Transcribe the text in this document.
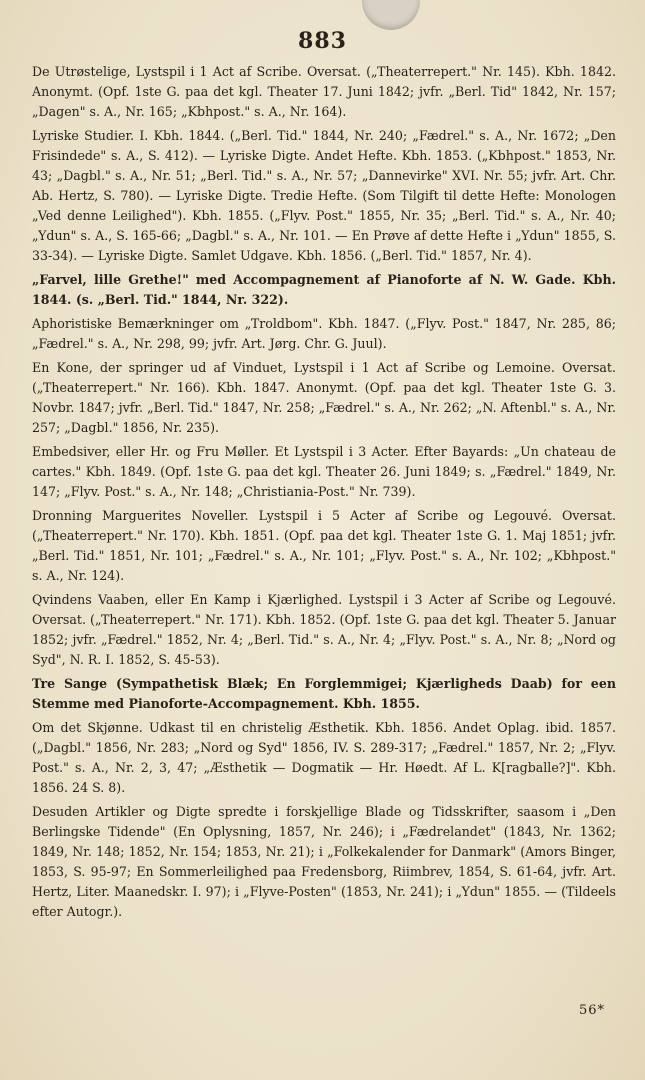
883

De Utrøstelige, Lystspil i 1 Act af Scribe. Oversat. („Theaterrepert." Nr. 145). Kbh. 1842. Anonymt. (Opf. 1ste G. paa det kgl. Theater 17. Juni 1842; jvfr. „Berl. Tid" 1842, Nr. 157; „Dagen" s. A., Nr. 165; „Kbhpost." s. A., Nr. 164).

Lyriske Studier. I. Kbh. 1844. („Berl. Tid." 1844, Nr. 240; „Fædrel." s. A., Nr. 1672; „Den Frisindede" s. A., S. 412). — Lyriske Digte. Andet Hefte. Kbh. 1853. („Kbhpost." 1853, Nr. 43; „Dagbl." s. A., Nr. 51; „Berl. Tid." s. A., Nr. 57; „Dannevirke" XVI. Nr. 55; jvfr. Art. Chr. Ab. Hertz, S. 780). — Lyriske Digte. Tredie Hefte. (Som Tilgift til dette Hefte: Monologen „Ved denne Leilighed"). Kbh. 1855. („Flyv. Post." 1855, Nr. 35; „Berl. Tid." s. A., Nr. 40; „Ydun" s. A., S. 165-66; „Dagbl." s. A., Nr. 101. — En Prøve af dette Hefte i „Ydun" 1855, S. 33-34). — Lyriske Digte. Samlet Udgave. Kbh. 1856. („Berl. Tid." 1857, Nr. 4).

„Farvel, lille Grethe!" med Accompagnement af Pianoforte af N. W. Gade. Kbh. 1844. (s. „Berl. Tid." 1844, Nr. 322).

Aphoristiske Bemærkninger om „Troldbom". Kbh. 1847. („Flyv. Post." 1847, Nr. 285, 86; „Fædrel." s. A., Nr. 298, 99; jvfr. Art. Jørg. Chr. G. Juul).

En Kone, der springer ud af Vinduet, Lystspil i 1 Act af Scribe og Lemoine. Oversat. („Theaterrepert." Nr. 166). Kbh. 1847. Anonymt. (Opf. paa det kgl. Theater 1ste G. 3. Novbr. 1847; jvfr. „Berl. Tid." 1847, Nr. 258; „Fædrel." s. A., Nr. 262; „N. Aftenbl." s. A., Nr. 257; „Dagbl." 1856, Nr. 235).

Embedsiver, eller Hr. og Fru Møller. Et Lystspil i 3 Acter. Efter Bayards: „Un chateau de cartes." Kbh. 1849. (Opf. 1ste G. paa det kgl. Theater 26. Juni 1849; s. „Fædrel." 1849, Nr. 147; „Flyv. Post." s. A., Nr. 148; „Christiania-Post." Nr. 739).

Dronning Marguerites Noveller. Lystspil i 5 Acter af Scribe og Legouvé. Oversat. („Theaterrepert." Nr. 170). Kbh. 1851. (Opf. paa det kgl. Theater 1ste G. 1. Maj 1851; jvfr. „Berl. Tid." 1851, Nr. 101; „Fædrel." s. A., Nr. 101; „Flyv. Post." s. A., Nr. 102; „Kbhpost." s. A., Nr. 124).

Qvindens Vaaben, eller En Kamp i Kjærlighed. Lystspil i 3 Acter af Scribe og Legouvé. Oversat. („Theaterrepert." Nr. 171). Kbh. 1852. (Opf. 1ste G. paa det kgl. Theater 5. Januar 1852; jvfr. „Fædrel." 1852, Nr. 4; „Berl. Tid." s. A., Nr. 4; „Flyv. Post." s. A., Nr. 8; „Nord og Syd", N. R. I. 1852, S. 45-53).

Tre Sange (Sympathetisk Blæk; En Forglemmigei; Kjærligheds Daab) for een Stemme med Pianoforte-Accompagnement. Kbh. 1855.

Om det Skjønne. Udkast til en christelig Æsthetik. Kbh. 1856. Andet Oplag. ibid. 1857. („Dagbl." 1856, Nr. 283; „Nord og Syd" 1856, IV. S. 289-317; „Fædrel." 1857, Nr. 2; „Flyv. Post." s. A., Nr. 2, 3, 47; „Æsthetik — Dogmatik — Hr. Høedt. Af L. K[ragballe?]". Kbh. 1856. 24 S. 8).

Desuden Artikler og Digte spredte i forskjellige Blade og Tidsskrifter, saasom i „Den Berlingske Tidende" (En Oplysning, 1857, Nr. 246); i „Fædrelandet" (1843, Nr. 1362; 1849, Nr. 148; 1852, Nr. 154; 1853, Nr. 21); i „Folkekalender for Danmark" (Amors Binger, 1853, S. 95-97; En Sommerleilighed paa Fredensborg, Riimbrev, 1854, S. 61-64, jvfr. Art. Hertz, Liter. Maanedskr. I. 97); i „Flyve-Posten" (1853, Nr. 241); i „Ydun" 1855. — (Tildeels efter Autogr.).

56*
